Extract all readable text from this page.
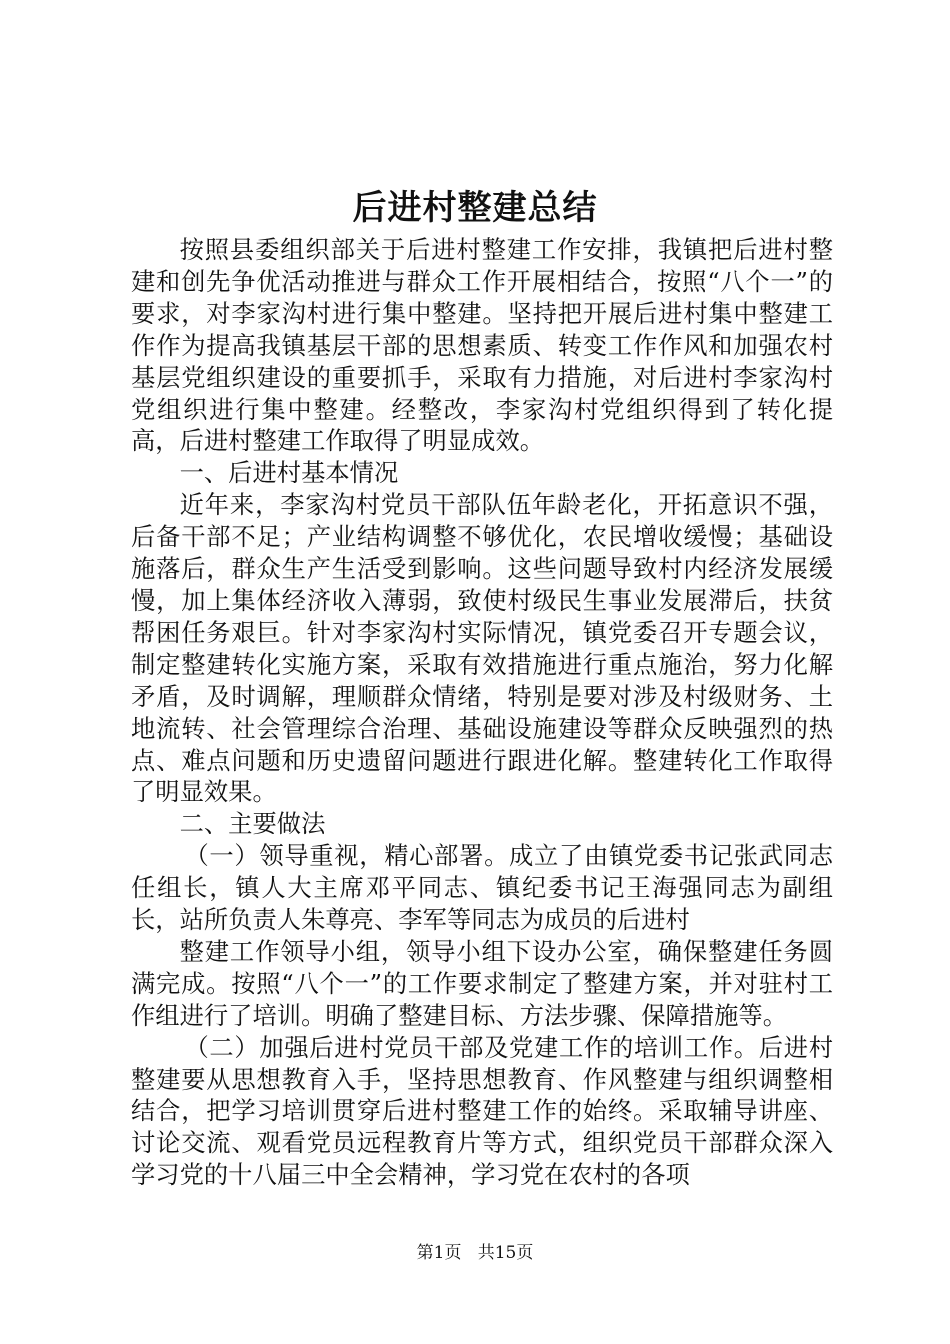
后进村整建总结

按照县委组织部关于后进村整建工作安排，我镇把后进村整建和创先争优活动推进与群众工作开展相结合，按照“八个一”的要求，对李家沟村进行集中整建。坚持把开展后进村集中整建工作作为提高我镇基层干部的思想素质、转变工作作风和加强农村基层党组织建设的重要抓手，采取有力措施，对后进村李家沟村党组织进行集中整建。经整改，李家沟村党组织得到了转化提高，后进村整建工作取得了明显成效。

一、后进村基本情况

近年来，李家沟村党员干部队伍年龄老化，开拓意识不强，后备干部不足；产业结构调整不够优化，农民增收缓慢；基础设施落后，群众生产生活受到影响。这些问题导致村内经济发展缓慢，加上集体经济收入薄弱，致使村级民生事业发展滞后，扶贫帮困任务艰巨。针对李家沟村实际情况，镇党委召开专题会议，制定整建转化实施方案，采取有效措施进行重点施治，努力化解矛盾，及时调解，理顺群众情绪，特别是要对涉及村级财务、土地流转、社会管理综合治理、基础设施建设等群众反映强烈的热点、难点问题和历史遗留问题进行跟进化解。整建转化工作取得了明显效果。

二、主要做法

（一）领导重视，精心部署。成立了由镇党委书记张武同志任组长，镇人大主席邓平同志、镇纪委书记王海强同志为副组长，站所负责人朱尊亮、李军等同志为成员的后进村

整建工作领导小组，领导小组下设办公室，确保整建任务圆满完成。按照“八个一”的工作要求制定了整建方案，并对驻村工作组进行了培训。明确了整建目标、方法步骤、保障措施等。

（二）加强后进村党员干部及党建工作的培训工作。后进村整建要从思想教育入手，坚持思想教育、作风整建与组织调整相结合，把学习培训贯穿后进村整建工作的始终。采取辅导讲座、讨论交流、观看党员远程教育片等方式，组织党员干部群众深入学习党的十八届三中全会精神，学习党在农村的各项

第1页 共15页
